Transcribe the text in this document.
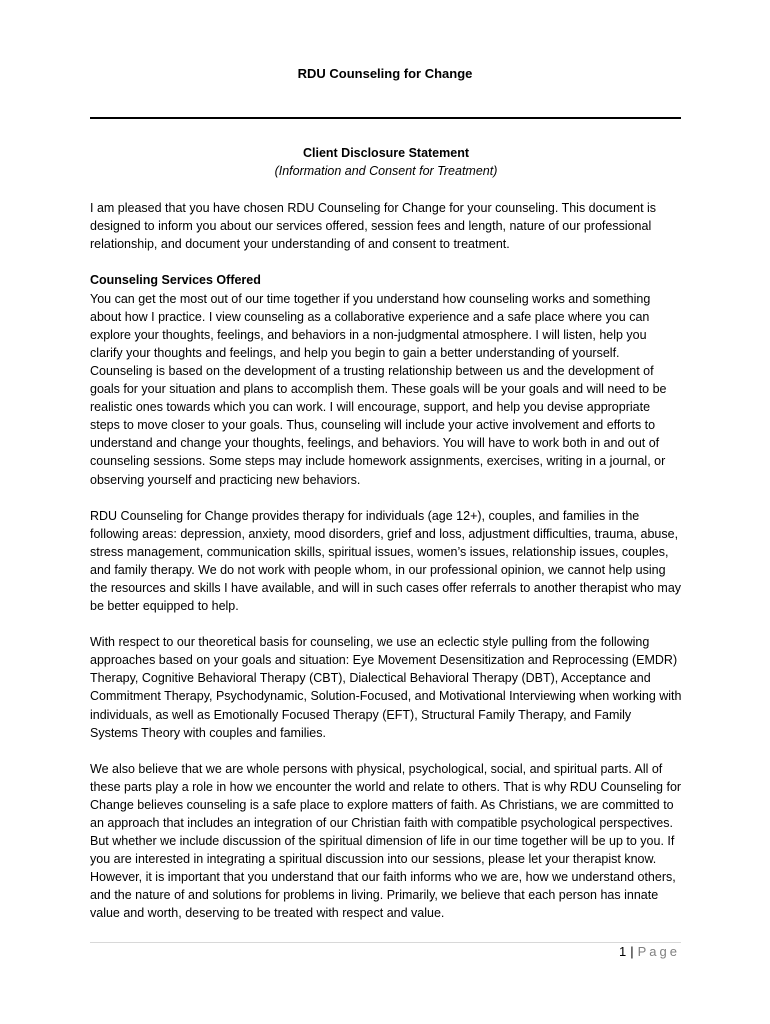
RDU Counseling for Change

Client Disclosure Statement

(Information and Consent for Treatment)

I am pleased that you have chosen RDU Counseling for Change for your counseling. This document is designed to inform you about our services offered, session fees and length, nature of our professional relationship, and document your understanding of and consent to treatment.

Counseling Services Offered

You can get the most out of our time together if you understand how counseling works and something about how I practice. I view counseling as a collaborative experience and a safe place where you can explore your thoughts, feelings, and behaviors in a non-judgmental atmosphere. I will listen, help you clarify your thoughts and feelings, and help you begin to gain a better understanding of yourself. Counseling is based on the development of a trusting relationship between us and the development of goals for your situation and plans to accomplish them. These goals will be your goals and will need to be realistic ones towards which you can work. I will encourage, support, and help you devise appropriate steps to move closer to your goals. Thus, counseling will include your active involvement and efforts to understand and change your thoughts, feelings, and behaviors. You will have to work both in and out of counseling sessions. Some steps may include homework assignments, exercises, writing in a journal, or observing yourself and practicing new behaviors.

RDU Counseling for Change provides therapy for individuals (age 12+), couples, and families in the following areas: depression, anxiety, mood disorders, grief and loss, adjustment difficulties, trauma, abuse, stress management, communication skills, spiritual issues, women’s issues, relationship issues, couples, and family therapy. We do not work with people whom, in our professional opinion, we cannot help using the resources and skills I have available, and will in such cases offer referrals to another therapist who may be better equipped to help.

With respect to our theoretical basis for counseling, we use an eclectic style pulling from the following approaches based on your goals and situation: Eye Movement Desensitization and Reprocessing (EMDR) Therapy, Cognitive Behavioral Therapy (CBT), Dialectical Behavioral Therapy (DBT), Acceptance and Commitment Therapy, Psychodynamic, Solution-Focused, and Motivational Interviewing when working with individuals, as well as Emotionally Focused Therapy (EFT), Structural Family Therapy, and Family Systems Theory with couples and families.

We also believe that we are whole persons with physical, psychological, social, and spiritual parts. All of these parts play a role in how we encounter the world and relate to others. That is why RDU Counseling for Change believes counseling is a safe place to explore matters of faith. As Christians, we are committed to an approach that includes an integration of our Christian faith with compatible psychological perspectives. But whether we include discussion of the spiritual dimension of life in our time together will be up to you. If you are interested in integrating a spiritual discussion into our sessions, please let your therapist know. However, it is important that you understand that our faith informs who we are, how we understand others, and the nature of and solutions for problems in living. Primarily, we believe that each person has innate value and worth, deserving to be treated with respect and value.

1 | Page
